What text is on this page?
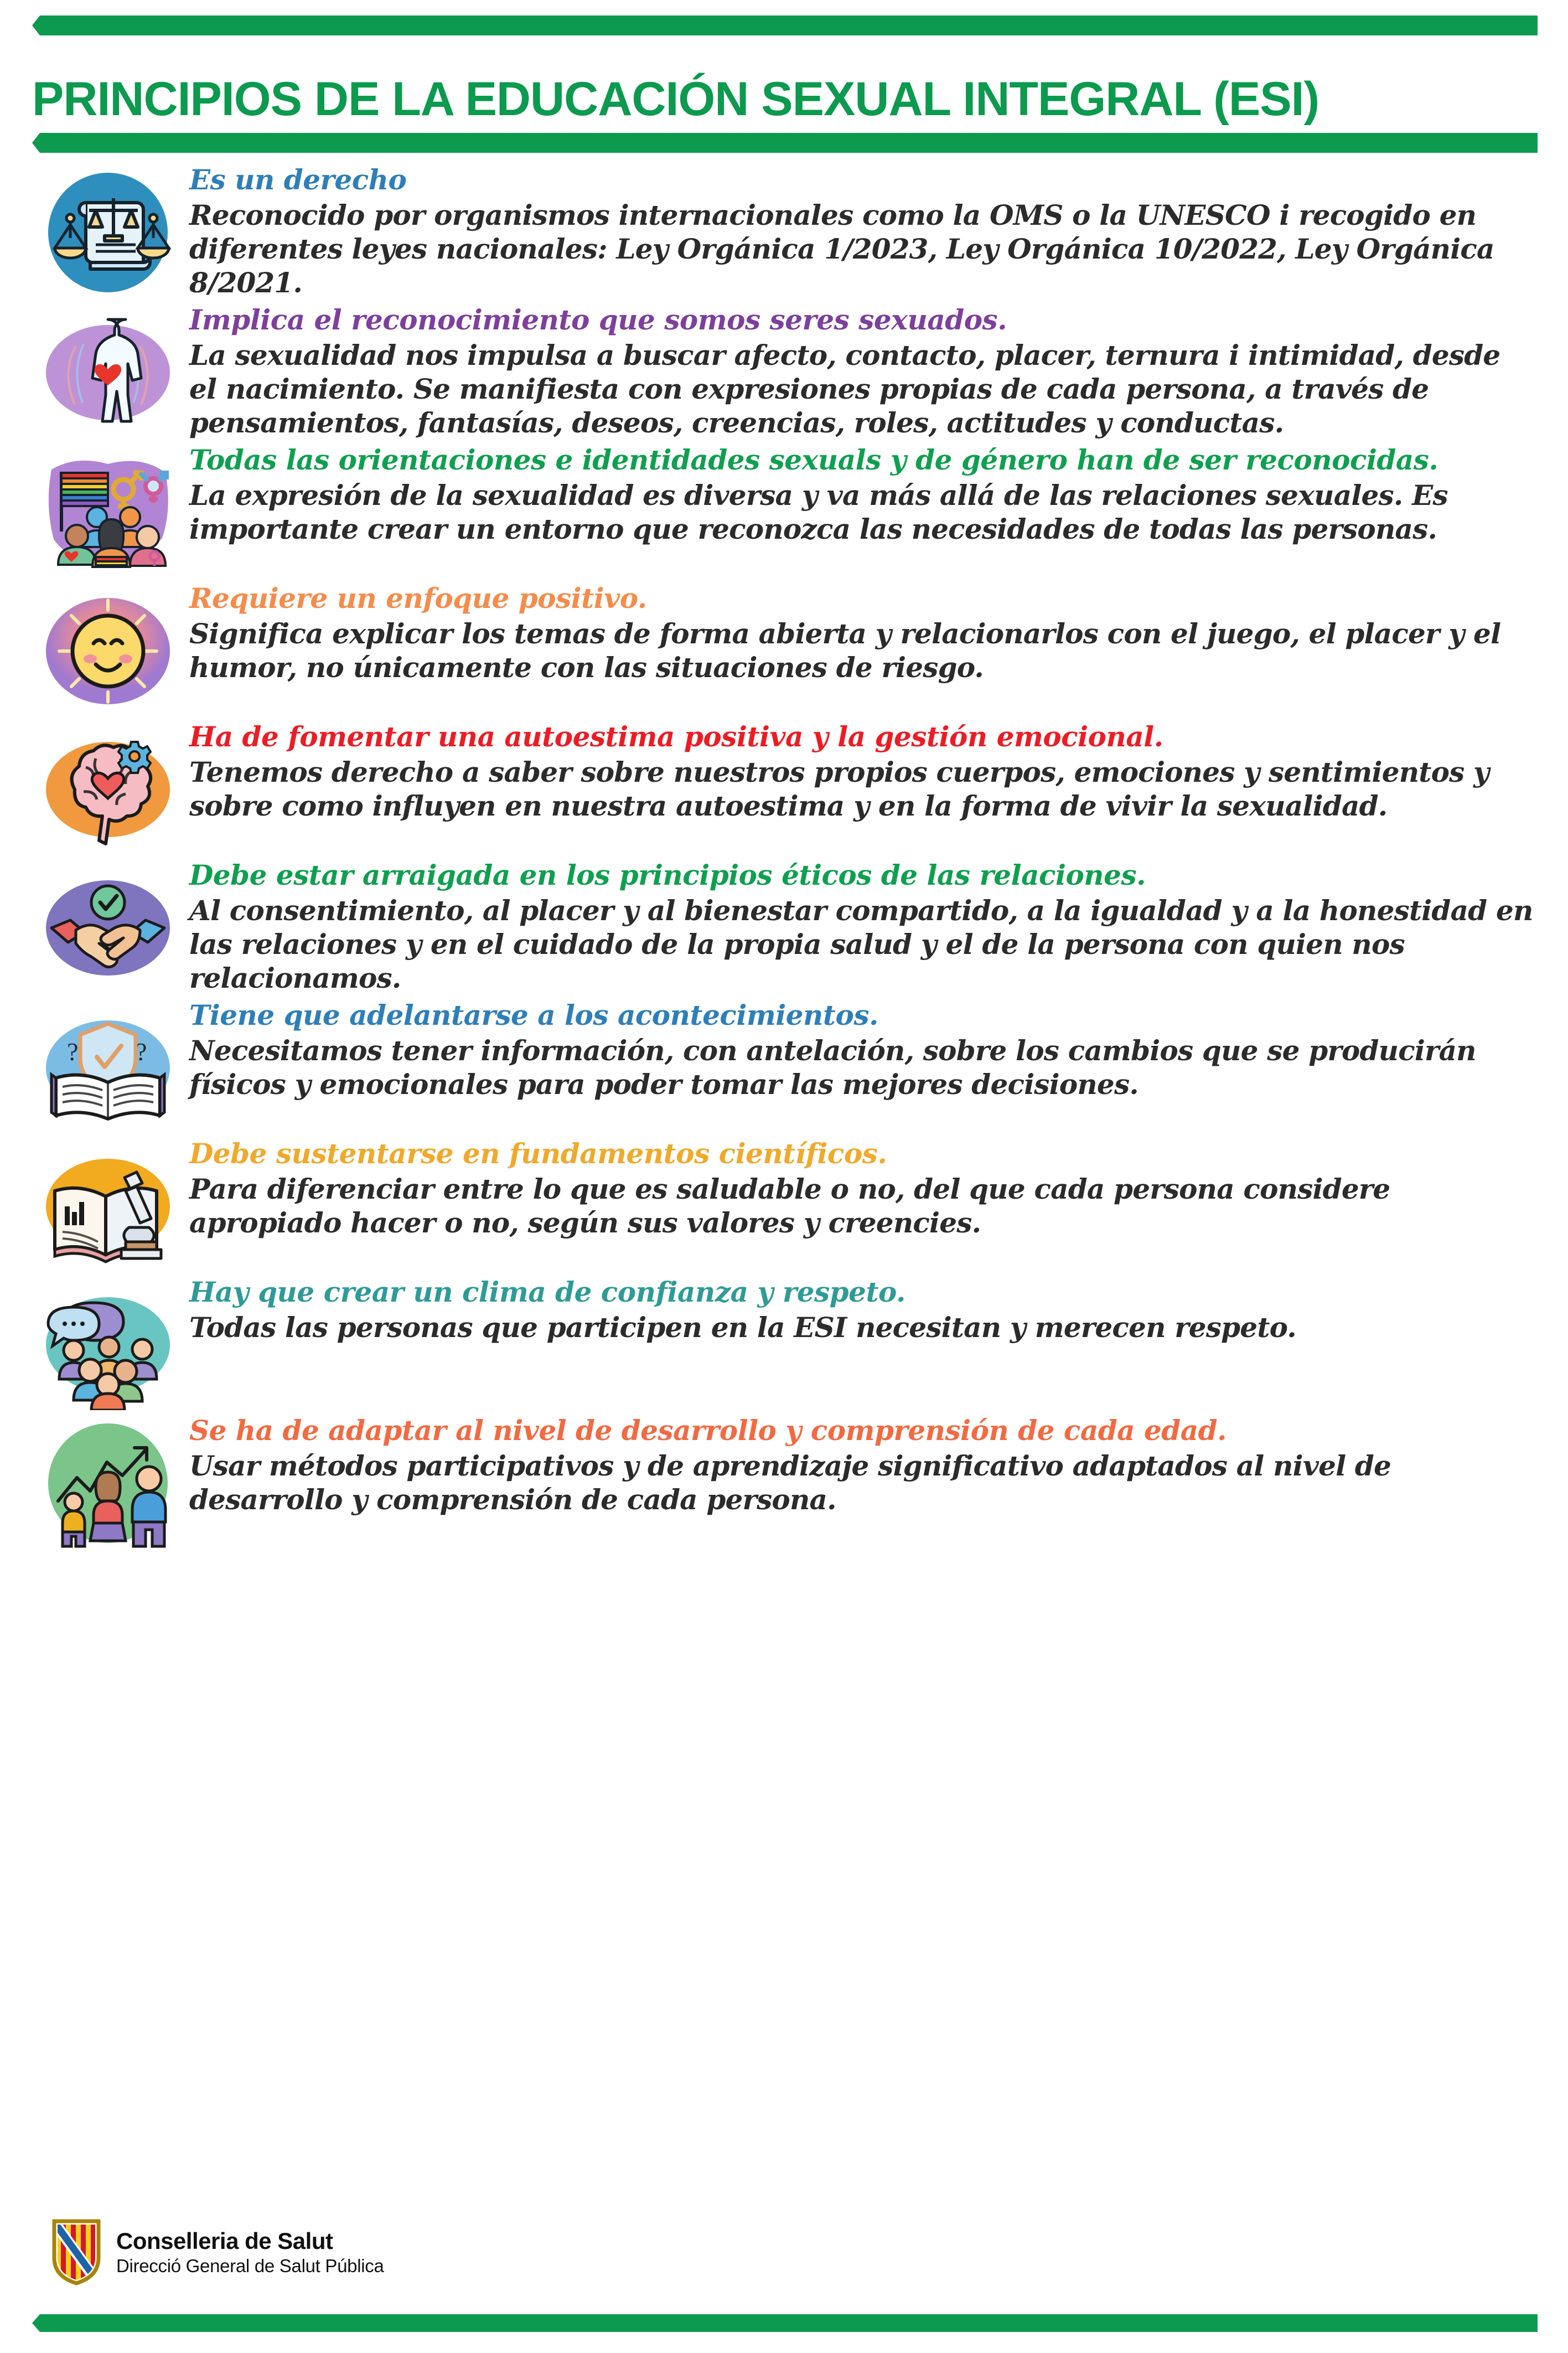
PRINCIPIOS DE LA EDUCACIÓN SEXUAL INTEGRAL (ESI)
Es un derecho
Reconocido por organismos internacionales como la OMS o la UNESCO i recogido en diferentes leyes nacionales: Ley Orgánica 1/2023, Ley Orgánica 10/2022, Ley Orgánica 8/2021.
Implica el reconocimiento que somos seres sexuados.
La sexualidad nos impulsa a buscar afecto, contacto, placer, ternura i intimidad, desde el nacimiento. Se manifiesta con expresiones propias de cada persona, a través de pensamientos, fantasías, deseos, creencias, roles, actitudes y conductas.
Todas las orientaciones e identidades sexuals y de género han de ser reconocidas.
La expresión de la sexualidad es diversa y va más allá de las relaciones sexuales. Es importante crear un entorno que reconozca las necesidades de todas las personas.
Requiere un enfoque positivo.
Significa explicar los temas de forma abierta y relacionarlos con el juego, el placer y el humor, no únicamente con las situaciones de riesgo.
Ha de fomentar una autoestima positiva y la gestión emocional.
Tenemos derecho a saber sobre nuestros propios cuerpos, emociones y sentimientos y sobre como influyen en nuestra autoestima y en la forma de vivir la sexualidad.
Debe estar arraigada en los principios éticos de las relaciones.
Al consentimiento, al placer y al bienestar compartido, a la igualdad y a la honestidad en las relaciones y en el cuidado de la propia salud y el de la persona con quien nos relacionamos.
? ?
Tiene que adelantarse a los acontecimientos.
Necesitamos tener información, con antelación, sobre los cambios que se producirán físicos y emocionales para poder tomar las mejores decisiones.
Debe sustentarse en fundamentos científicos.
Para diferenciar entre lo que es saludable o no, del que cada persona considere apropiado hacer o no, según sus valores y creencies.
Hay que crear un clima de confianza y respeto.
Todas las personas que participen en la ESI necesitan y merecen respeto.
Se ha de adaptar al nivel de desarrollo y comprensión de cada edad.
Usar métodos participativos y de aprendizaje significativo adaptados al nivel de desarrollo y comprensión de cada persona.
Conselleria de Salut
Direcció General de Salut Pública
